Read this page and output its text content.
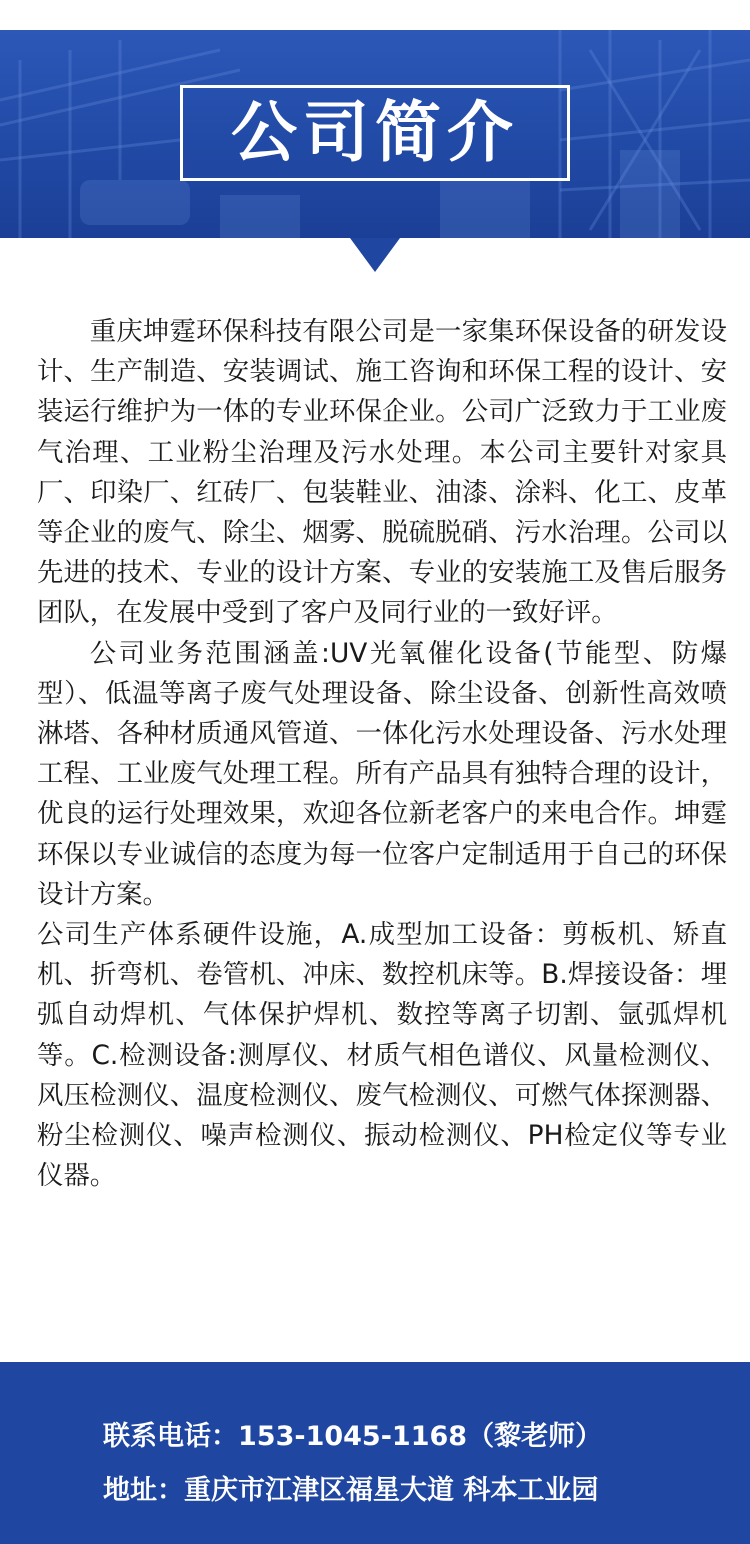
公司简介

重庆坤霆环保科技有限公司是一家集环保设备的研发设计、生产制造、安装调试、施工咨询和环保工程的设计、安装运行维护为一体的专业环保企业。公司广泛致力于工业废气治理、工业粉尘治理及污水处理。本公司主要针对家具厂、印染厂、红砖厂、包装鞋业、油漆、涂料、化工、皮革等企业的废气、除尘、烟雾、脱硫脱硝、污水治理。公司以先进的技术、专业的设计方案、专业的安装施工及售后服务团队，在发展中受到了客户及同行业的一致好评。

公司业务范围涵盖:UV光氧催化设备(节能型、防爆型）、低温等离子废气处理设备、除尘设备、创新性高效喷淋塔、各种材质通风管道、一体化污水处理设备、污水处理工程、工业废气处理工程。所有产品具有独特合理的设计，优良的运行处理效果，欢迎各位新老客户的来电合作。坤霆环保以专业诚信的态度为每一位客户定制适用于自己的环保设计方案。

公司生产体系硬件设施，A.成型加工设备：剪板机、矫直机、折弯机、卷管机、冲床、数控机床等。B.焊接设备：埋弧自动焊机、气体保护焊机、数控等离子切割、氩弧焊机等。C.检测设备:测厚仪、材质气相色谱仪、风量检测仪、风压检测仪、温度检测仪、废气检测仪、可燃气体探测器、粉尘检测仪、噪声检测仪、振动检测仪、PH检定仪等专业仪器。

联系电话：153-1045-1168（黎老师）
地址：重庆市江津区福星大道 科本工业园
